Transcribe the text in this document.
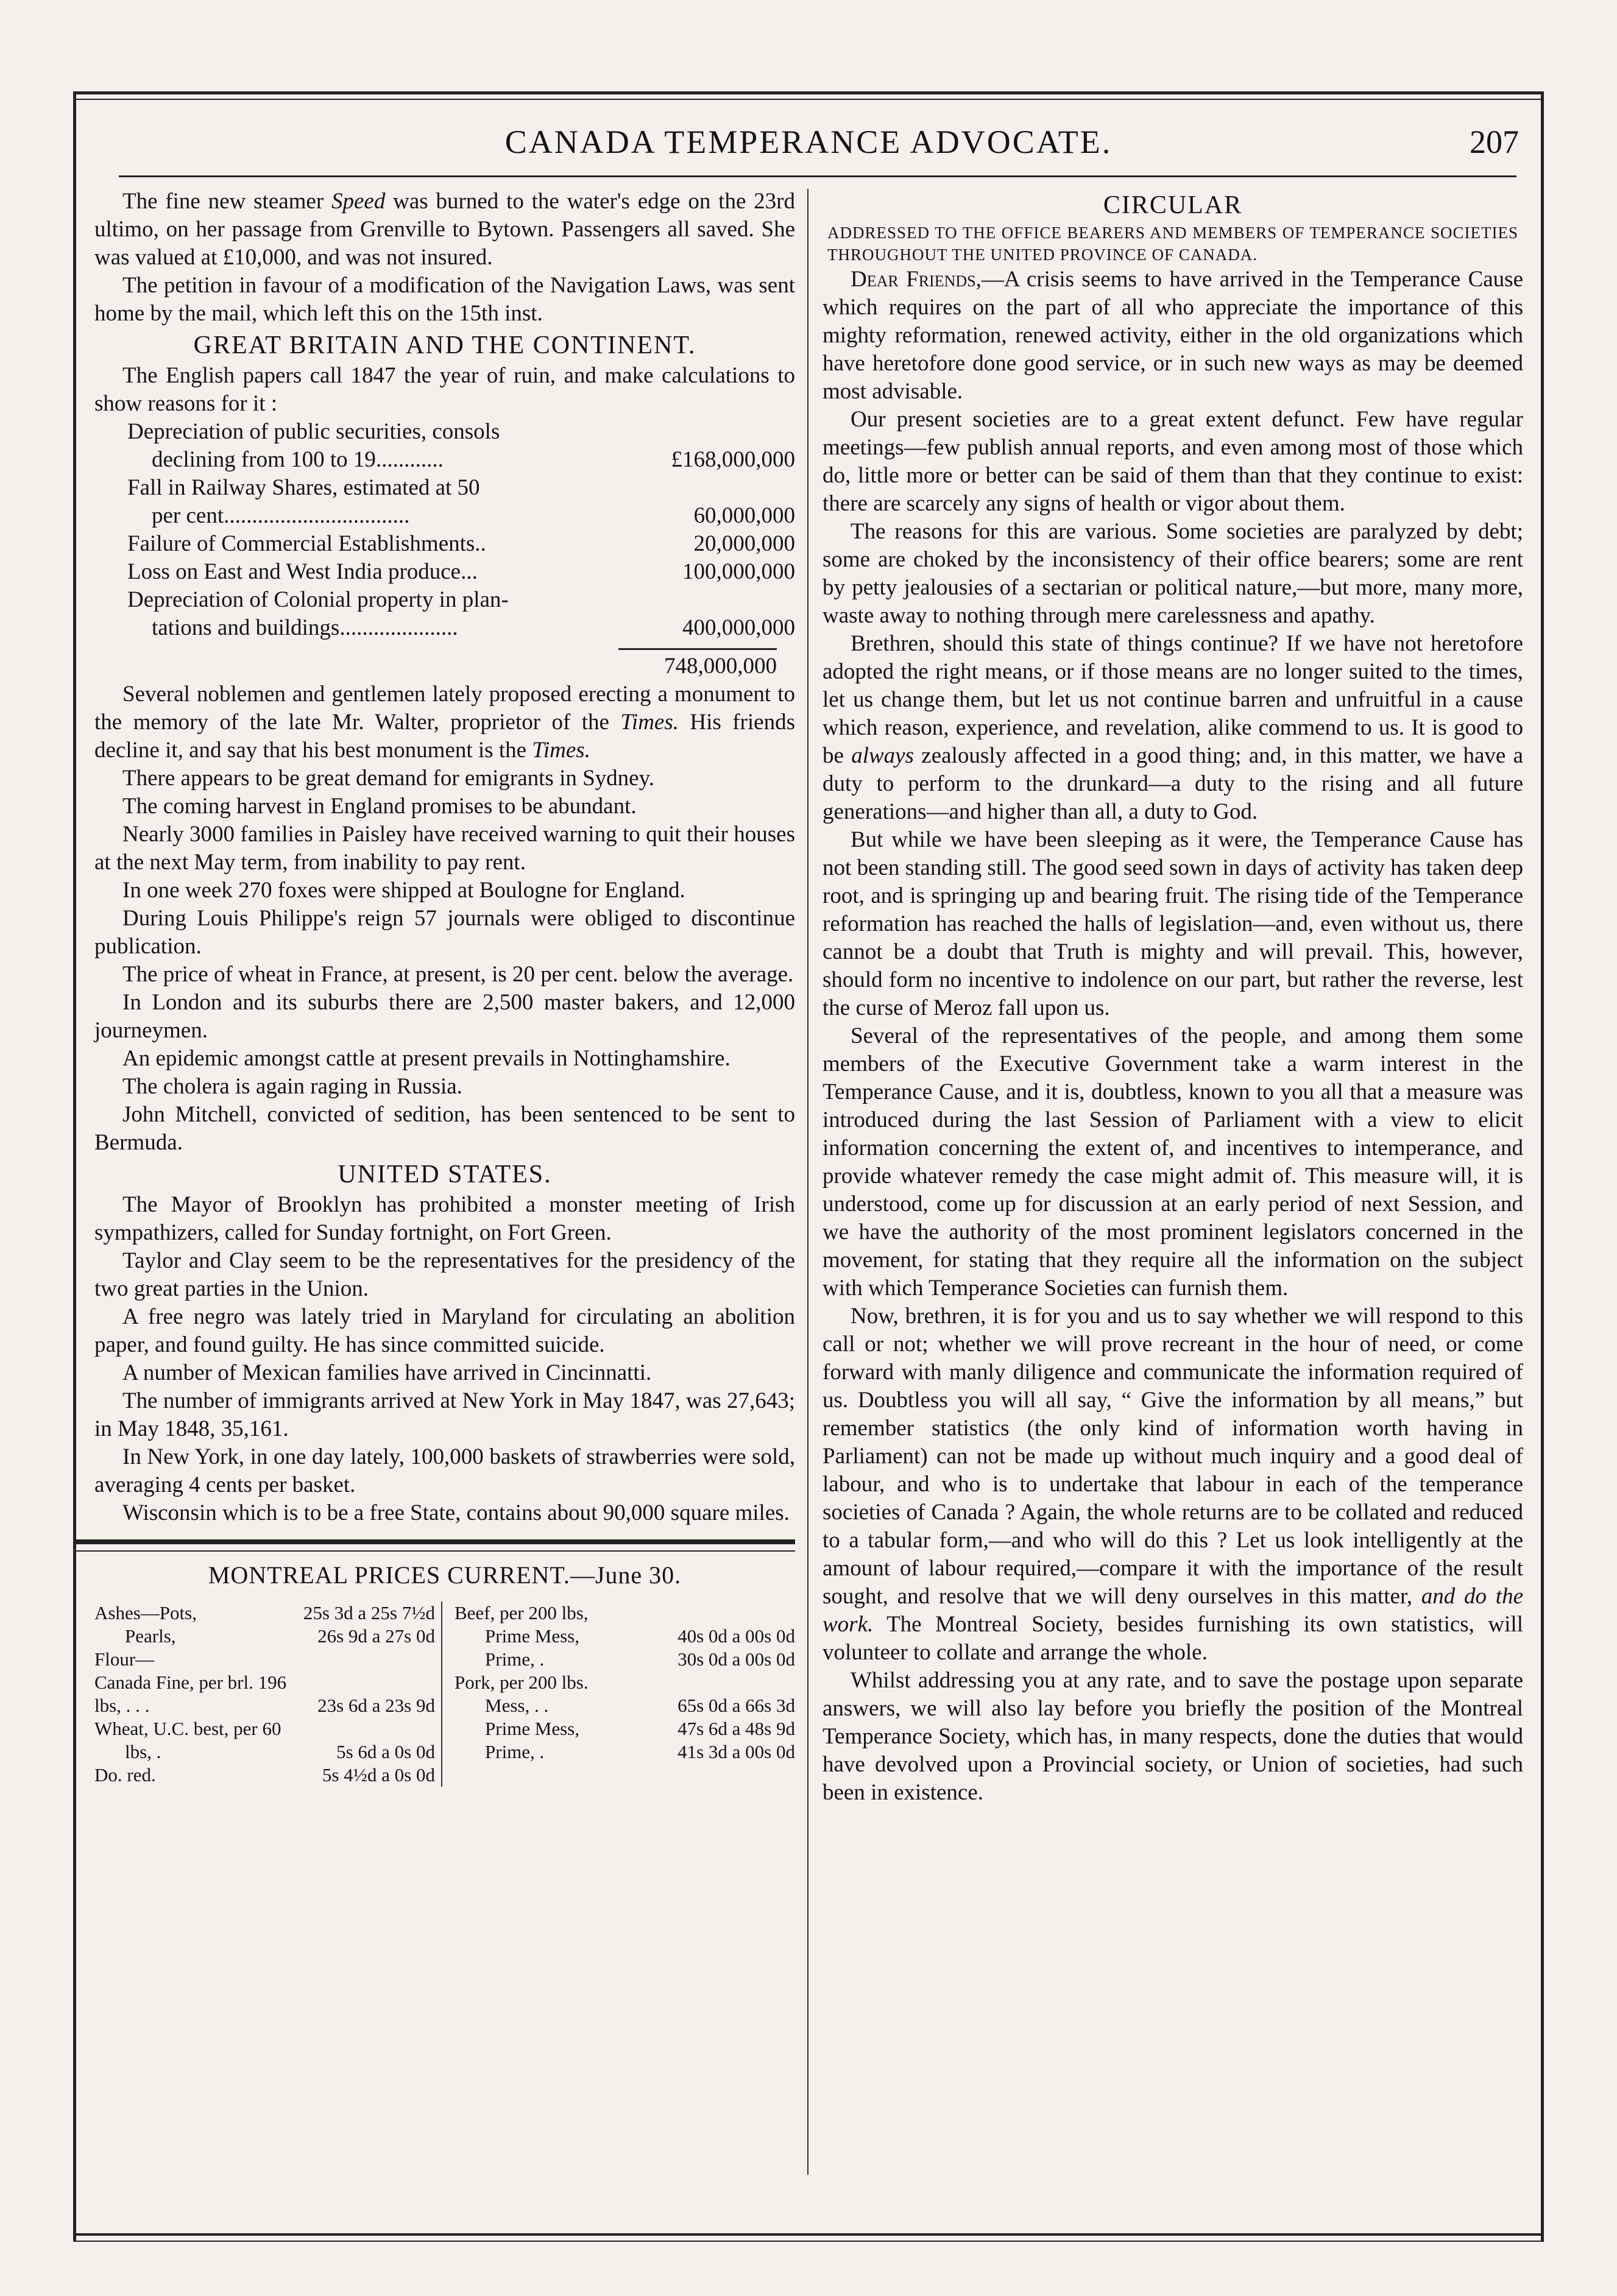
CANADA TEMPERANCE ADVOCATE.	207

The fine new steamer Speed was burned to the water's edge on the 23rd ultimo, on her passage from Grenville to Bytown. Passengers all saved. She was valued at £10,000, and was not insured.

The petition in favour of a modification of the Navigation Laws, was sent home by the mail, which left this on the 15th inst.

GREAT BRITAIN AND THE CONTINENT.

The English papers call 1847 the year of ruin, and make calculations to show reasons for it :

Depreciation of public securities, consols
declining from 100 to 19............
	£168,000,000
Fall in Railway Shares, estimated at 50
per cent.................................
	60,000,000
Failure of Commercial Establishments..	20,000,000
Loss on East and West India produce...	100,000,000
Depreciation of Colonial property in plan-
tations and buildings.....................
	400,000,000
748,000,000

Several noblemen and gentlemen lately proposed erecting a monument to the memory of the late Mr. Walter, proprietor of the Times. His friends decline it, and say that his best monument is the Times.

There appears to be great demand for emigrants in Sydney.

The coming harvest in England promises to be abundant.

Nearly 3000 families in Paisley have received warning to quit their houses at the next May term, from inability to pay rent.

In one week 270 foxes were shipped at Boulogne for England.

During Louis Philippe's reign 57 journals were obliged to discontinue publication.

The price of wheat in France, at present, is 20 per cent. below the average.

In London and its suburbs there are 2,500 master bakers, and 12,000 journeymen.

An epidemic amongst cattle at present prevails in Nottinghamshire.

The cholera is again raging in Russia.

John Mitchell, convicted of sedition, has been sentenced to be sent to Bermuda.

UNITED STATES.

The Mayor of Brooklyn has prohibited a monster meeting of Irish sympathizers, called for Sunday fortnight, on Fort Green.

Taylor and Clay seem to be the representatives for the presidency of the two great parties in the Union.

A free negro was lately tried in Maryland for circulating an abolition paper, and found guilty. He has since committed suicide.

A number of Mexican families have arrived in Cincinnatti.

The number of immigrants arrived at New York in May 1847, was 27,643; in May 1848, 35,161.

In New York, in one day lately, 100,000 baskets of strawberries were sold, averaging 4 cents per basket.

Wisconsin which is to be a free State, contains about 90,000 square miles.

MONTREAL PRICES CURRENT.—June 30.
Ashes—Pots,	25s 3d a 25s 7½d
Pearls,	26s 9d a 27s 0d
Flour—
Canada Fine, per brl. 196
lbs, . . .	23s 6d a 23s 9d
Wheat, U.C. best, per 60
lbs, .	5s 6d a 0s 0d
Do. red.	5s 4½d a 0s 0d
Beef, per 200 lbs,
Prime Mess,	40s 0d a 00s 0d
Prime, .	30s 0d a 00s 0d
Pork, per 200 lbs.
Mess, . .	65s 0d a 66s 3d
Prime Mess,	47s 6d a 48s 9d
Prime, .	41s 3d a 00s 0d
CIRCULAR

ADDRESSED TO THE OFFICE BEARERS AND MEMBERS OF TEMPERANCE SOCIETIES THROUGHOUT THE UNITED PROVINCE OF CANADA.

Dear Friends,—A crisis seems to have arrived in the Temperance Cause which requires on the part of all who appreciate the importance of this mighty reformation, renewed activity, either in the old organizations which have heretofore done good service, or in such new ways as may be deemed most advisable.

Our present societies are to a great extent defunct. Few have regular meetings—few publish annual reports, and even among most of those which do, little more or better can be said of them than that they continue to exist: there are scarcely any signs of health or vigor about them.

The reasons for this are various. Some societies are paralyzed by debt; some are choked by the inconsistency of their office bearers; some are rent by petty jealousies of a sectarian or political nature,—but more, many more, waste away to nothing through mere carelessness and apathy.

Brethren, should this state of things continue? If we have not heretofore adopted the right means, or if those means are no longer suited to the times, let us change them, but let us not continue barren and unfruitful in a cause which reason, experience, and revelation, alike commend to us. It is good to be always zealously affected in a good thing; and, in this matter, we have a duty to perform to the drunkard—a duty to the rising and all future generations—and higher than all, a duty to God.

But while we have been sleeping as it were, the Temperance Cause has not been standing still. The good seed sown in days of activity has taken deep root, and is springing up and bearing fruit. The rising tide of the Temperance reformation has reached the halls of legislation—and, even without us, there cannot be a doubt that Truth is mighty and will prevail. This, however, should form no incentive to indolence on our part, but rather the reverse, lest the curse of Meroz fall upon us.

Several of the representatives of the people, and among them some members of the Executive Government take a warm interest in the Temperance Cause, and it is, doubtless, known to you all that a measure was introduced during the last Session of Parliament with a view to elicit information concerning the extent of, and incentives to intemperance, and provide whatever remedy the case might admit of. This measure will, it is understood, come up for discussion at an early period of next Session, and we have the authority of the most prominent legislators concerned in the movement, for stating that they require all the information on the subject with which Temperance Societies can furnish them.

Now, brethren, it is for you and us to say whether we will respond to this call or not; whether we will prove recreant in the hour of need, or come forward with manly diligence and communicate the information required of us. Doubtless you will all say, “ Give the information by all means,” but remember statistics (the only kind of information worth having in Parliament) can not be made up without much inquiry and a good deal of labour, and who is to undertake that labour in each of the temperance societies of Canada ? Again, the whole returns are to be collated and reduced to a tabular form,—and who will do this ? Let us look intelligently at the amount of labour required,—compare it with the importance of the result sought, and resolve that we will deny ourselves in this matter, and do the work. The Montreal Society, besides furnishing its own statistics, will volunteer to collate and arrange the whole.

Whilst addressing you at any rate, and to save the postage upon separate answers, we will also lay before you briefly the position of the Montreal Temperance Society, which has, in many respects, done the duties that would have devolved upon a Provincial society, or Union of societies, had such been in existence.
